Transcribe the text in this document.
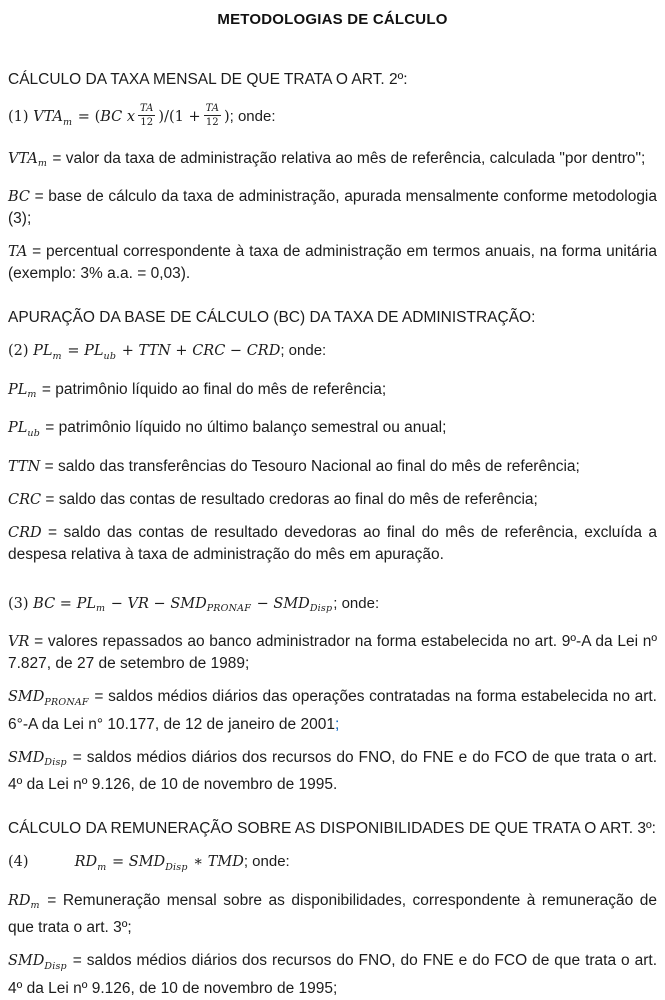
METODOLOGIAS DE CÁLCULO
CÁLCULO DA TAXA MENSAL DE QUE TRATA O ART. 2º:

(1) $VTA_m = (BC$ x $\frac{TA}{12} )/(1 + \frac{TA}{12}$ ); onde:

$VTA_m$ = valor da taxa de administração relativa ao mês de referência, calculada "por dentro";

BC = base de cálculo da taxa de administração, apurada mensalmente conforme metodologia (3);

TA = percentual correspondente à taxa de administração em termos anuais, na forma unitária (exemplo: 3% a.a. = 0,03).

APURAÇÃO DA BASE DE CÁLCULO (BC) DA TAXA DE ADMINISTRAÇÃO:

(2) $PL_m = PL_{ub}$ + TTN + CRC − CRD; onde:

$PL_m$ = patrimônio líquido ao final do mês de referência;

$PL_{ub}$ = patrimônio líquido no último balanço semestral ou anual;

TTN = saldo das transferências do Tesouro Nacional ao final do mês de referência;

CRC = saldo das contas de resultado credoras ao final do mês de referência;

CRD = saldo das contas de resultado devedoras ao final do mês de referência, excluída a despesa relativa à taxa de administração do mês em apuração.

(3) BC = $PL_m$ − VR − $SMD_{PRONAF} - SMD_{Disp}$; onde:

VR = valores repassados ao banco administrador na forma estabelecida no art. 9º-A da Lei nº 7.827, de 27 de setembro de 1989;

$SMD_{PRONAF}$ = saldos médios diários das operações contratadas na forma estabelecida no art. 6°-A da Lei n° 10.177, de 12 de janeiro de 2001;

$SMD_{Disp}$ = saldos médios diários dos recursos do FNO, do FNE e do FCO de que trata o art. 4º da Lei nº 9.126, de 10 de novembro de 1995.

CÁLCULO DA REMUNERAÇÃO SOBRE AS DISPONIBILIDADES DE QUE TRATA O ART. 3º:

(4)	$RD_m = SMD_{Disp}$ ∗ TMD; onde:

$RD_m$ = Remuneração mensal sobre as disponibilidades, correspondente à remuneração de que trata o art. 3º;

$SMD_{Disp}$ = saldos médios diários dos recursos do FNO, do FNE e do FCO de que trata o art. 4º da Lei nº 9.126, de 10 de novembro de 1995;
